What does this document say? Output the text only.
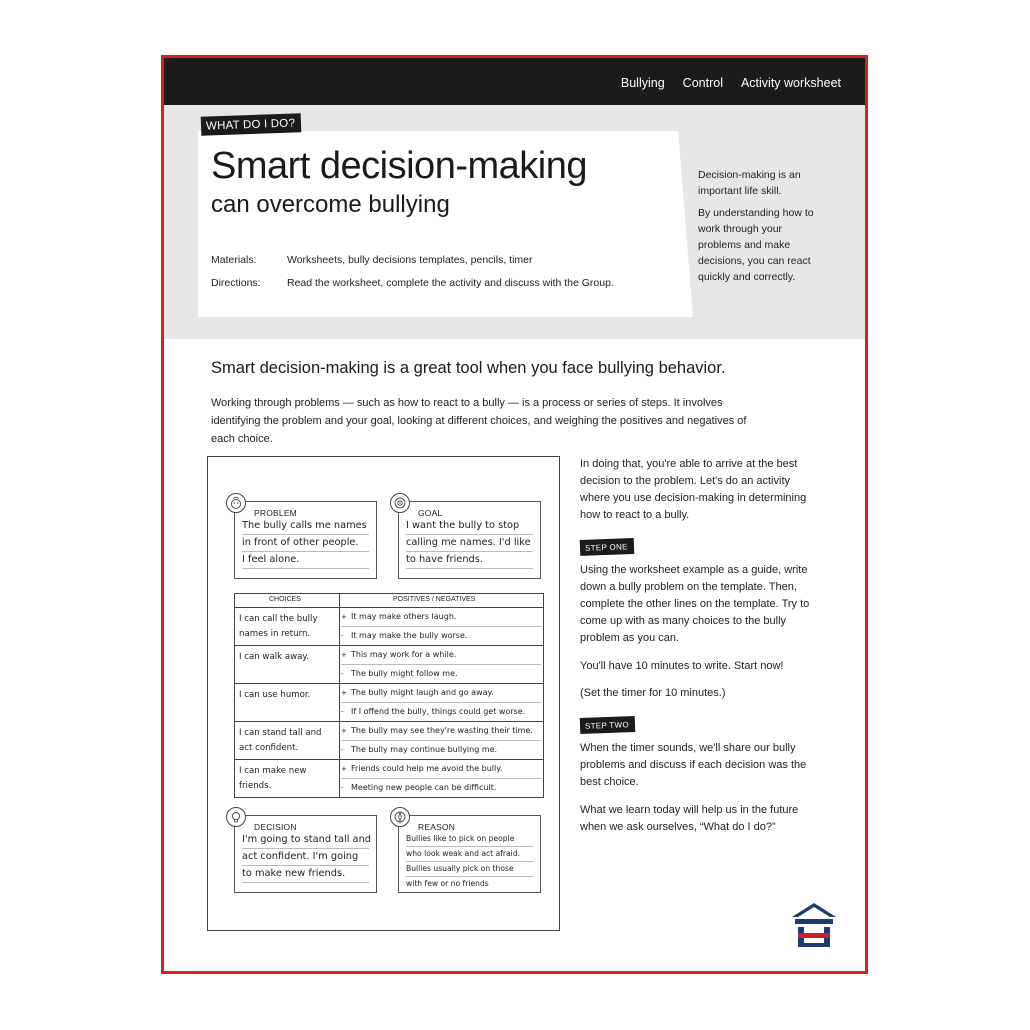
Bullying Control Activity worksheet
WHAT DO I DO?
Smart decision-making
can overcome bullying
Materials:	Worksheets, bully decisions templates, pencils, timer
Directions:	Read the worksheet, complete the activity and discuss with the Group.

Decision-making is an important life skill.

By understanding how to work through your problems and make decisions, you can react quickly and correctly.

Smart decision-making is a great tool when you face bullying behavior.
Working through problems — such as how to react to a bully — is a process or series of steps. It involves identifying the problem and your goal, looking at different choices, and weighing the positives and negatives of each choice.
PROBLEM
The bully calls me names
in front of other people.
I feel alone.
GOAL
I want the bully to stop
calling me names. I'd like
to have friends.
CHOICES	POSITIVES / NEGATIVES
I can call the bully names in return.
+ It may make others laugh.
- It may make the bully worse.
I can walk away.	+ This may work for a while.
- The bully might follow me.
I can use humor.	+ The bully might laugh and go away.
- If I offend the bully, things could get worse.
I can stand tall and act confident.
+ The bully may see they're wasting their time.
- The bully may continue bullying me.
I can make new friends.
+ Friends could help me avoid the bully.
- Meeting new people can be difficult.
DECISION
I'm going to stand tall and
act confident. I'm going
to make new friends.
REASON
Bullies like to pick on people
who look weak and act afraid.
Bullies usually pick on those
with few or no friends
In doing that, you're able to arrive at the best decision to the problem. Let's do an activity where you use decision-making in determining how to react to a bully.
STEP ONE
Using the worksheet example as a guide, write down a bully problem on the template. Then, complete the other lines on the template. Try to come up with as many choices to the bully problem as you can.
You'll have 10 minutes to write. Start now!
(Set the timer for 10 minutes.)
STEP TWO
When the timer sounds, we'll share our bully problems and discuss if each decision was the best choice.
What we learn today will help us in the future when we ask ourselves, “What do I do?”
